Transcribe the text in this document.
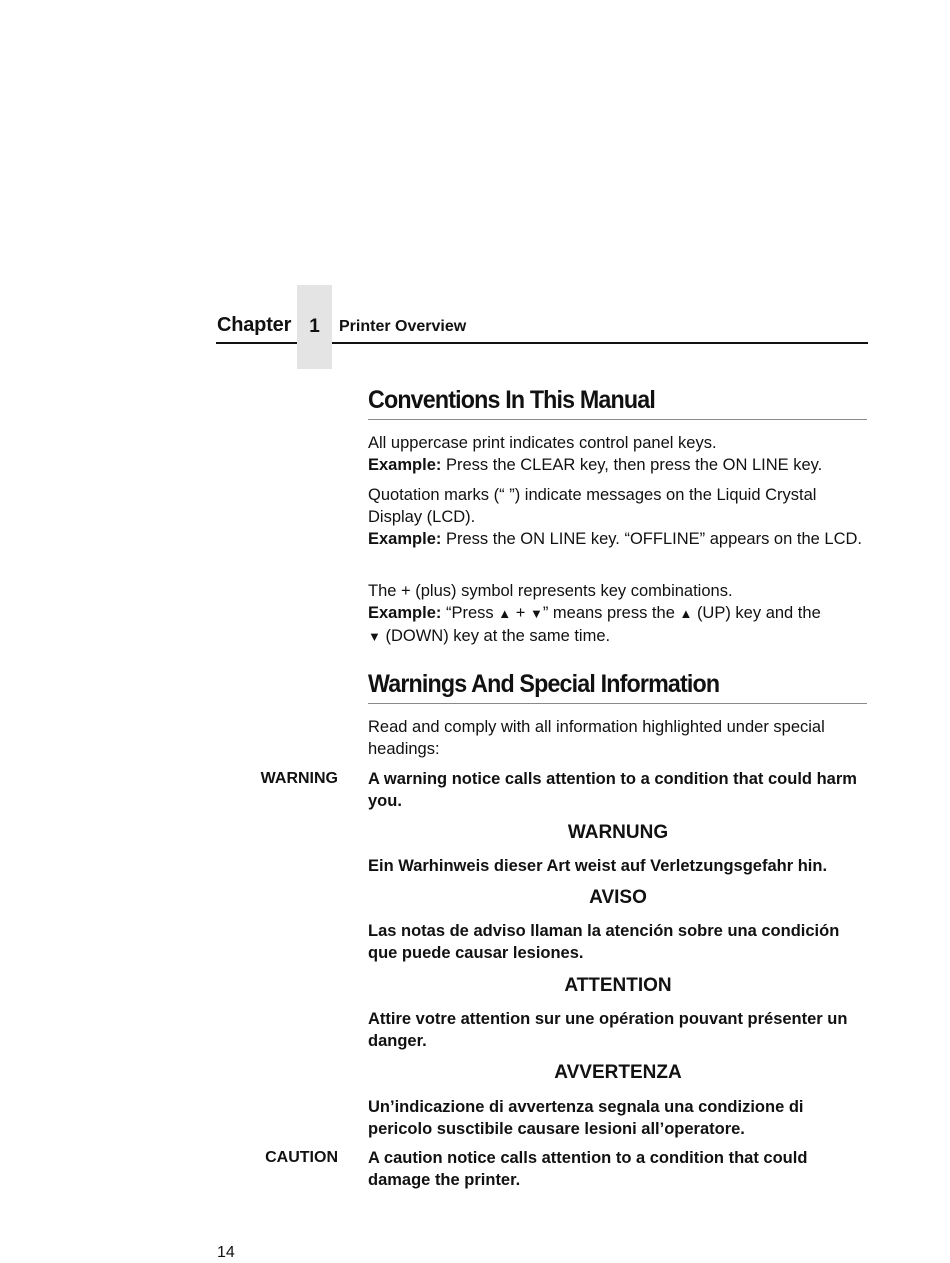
Chapter 1	Printer Overview
Conventions In This Manual

All uppercase print indicates control panel keys.

Example: Press the CLEAR key, then press the ON LINE key.

Quotation marks (“ ”) indicate messages on the Liquid Crystal Display (LCD).

Example: Press the ON LINE key. “OFFLINE” appears on the LCD.

The + (plus) symbol represents key combinations.

Example: “Press ▲ + ▼” means press the ▲ (UP) key and the
▼ (DOWN) key at the same time.

Warnings And Special Information
Read and comply with all information highlighted under special headings:
WARNING A warning notice calls attention to a condition that could harm you.
WARNUNG
Ein Warhinweis dieser Art weist auf Verletzungsgefahr hin.
AVISO
Las notas de adviso llaman la atención sobre una condición que puede causar lesiones.
ATTENTION
Attire votre attention sur une opération pouvant présenter un danger.
AVVERTENZA
Un’indicazione di avvertenza segnala una condizione di pericolo susctibile causare lesioni all’operatore.
CAUTION A caution notice calls attention to a condition that could damage the printer.
14
